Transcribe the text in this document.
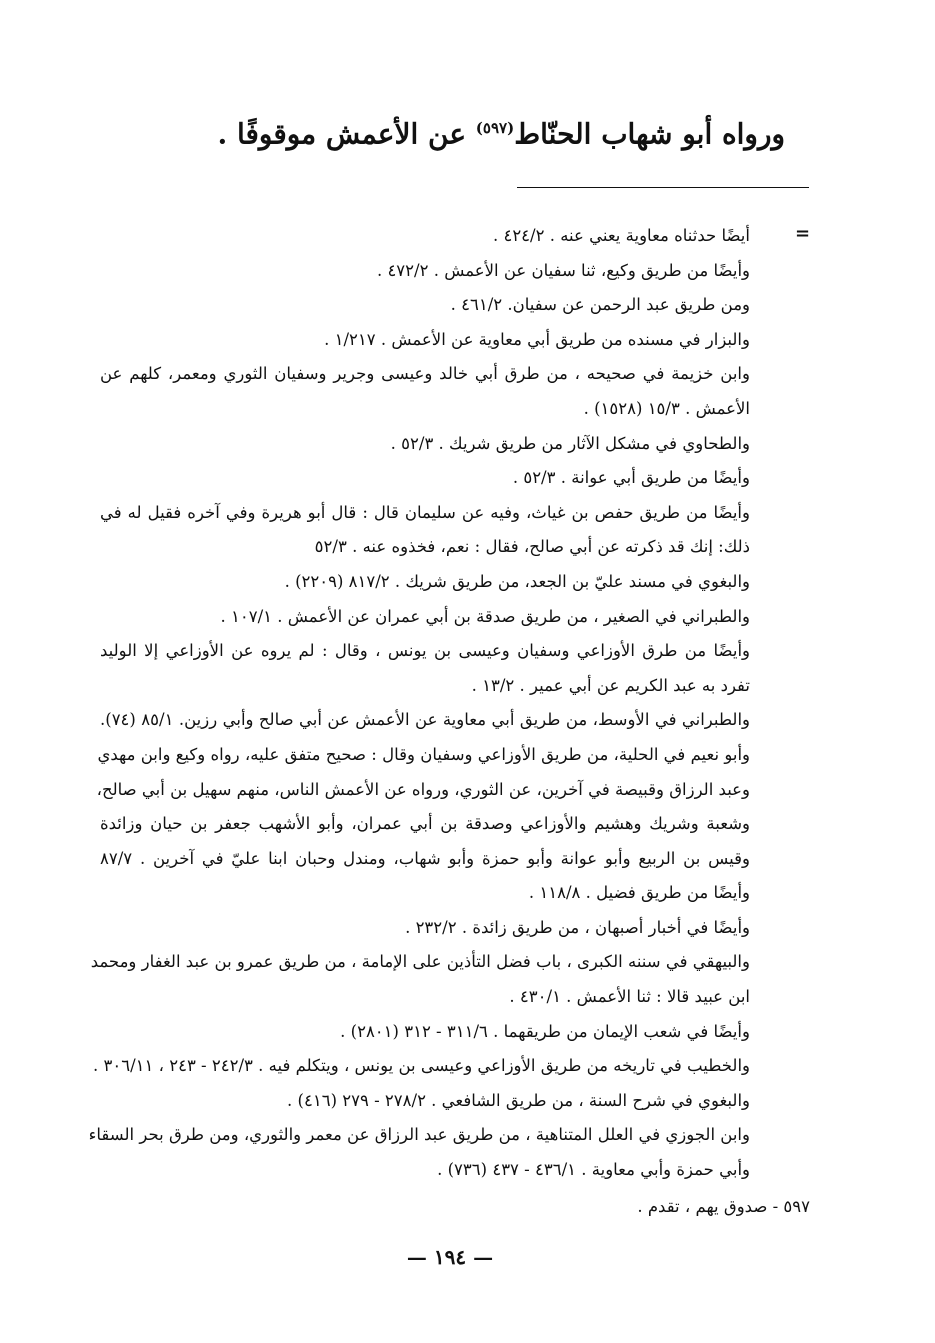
ورواه أبو شهاب الحنّاط$^{(٥٩٧)}$ عن الأعمش موقوفًا .
=
أيضًا حدثناه معاوية يعني عنه . ٤٢٤/٢ .
وأيضًا من طريق وكيع، ثنا سفيان عن الأعمش . ٤٧٢/٢ .
ومن طريق عبد الرحمن عن سفيان. ٤٦١/٢ .
والبزار في مسنده من طريق أبي معاوية عن الأعمش . ١/٢١٧ .
وابن خزيمة في صحيحه ، من طرق أبي خالد وعيسى وجرير وسفيان الثوري ومعمر، كلهم عن
الأعمش . ١٥/٣ (١٥٢٨) .
والطحاوي في مشكل الآثار من طريق شريك . ٥٢/٣ .
وأيضًا من طريق أبي عوانة . ٥٢/٣ .
وأيضًا من طريق حفص بن غياث، وفيه عن سليمان قال : قال أبو هريرة وفي آخره فقيل له في
ذلك: إنك قد ذكرته عن أبي صالح، فقال : نعم، فخذوه عنه . ٥٢/٣
والبغوي في مسند عليّ بن الجعد، من طريق شريك . ٨١٧/٢ (٢٢٠٩) .
والطبراني في الصغير ، من طريق صدقة بن أبي عمران عن الأعمش . ١٠٧/١ .
وأيضًا من طرق الأوزاعي وسفيان وعيسى بن يونس ، وقال : لم يروه عن الأوزاعي إلا الوليد
تفرد به عبد الكريم عن أبي عمير . ١٣/٢ .
والطبراني في الأوسط، من طريق أبي معاوية عن الأعمش عن أبي صالح وأبي رزين. ٨٥/١ (٧٤).
وأبو نعيم في الحلية، من طريق الأوزاعي وسفيان وقال : صحيح متفق عليه، رواه وكيع وابن مهدي
وعبد الرزاق وقبيصة في آخرين، عن الثوري، ورواه عن الأعمش الناس، منهم سهيل بن أبي صالح،
وشعبة وشريك وهشيم والأوزاعي وصدقة بن أبي عمران، وأبو الأشهب جعفر بن حيان وزائدة
وقيس بن الربيع وأبو عوانة وأبو حمزة وأبو شهاب، ومندل وحبان ابنا عليّ في آخرين . ٨٧/٧
وأيضًا من طريق فضيل . ١١٨/٨ .
وأيضًا في أخبار أصبهان ، من طريق زائدة . ٢٣٢/٢ .
والبيهقي في سننه الكبرى ، باب فضل التأذين على الإمامة ، من طريق عمرو بن عبد الغفار ومحمد
ابن عبيد قالا : ثنا الأعمش . ٤٣٠/١ .
وأيضًا في شعب الإيمان من طريقهما . ٣١١/٦ - ٣١٢ (٢٨٠١) .
والخطيب في تاريخه من طريق الأوزاعي وعيسى بن يونس ، ويتكلم فيه . ٢٤٢/٣ - ٢٤٣ ، ٣٠٦/١١ .
والبغوي في شرح السنة ، من طريق الشافعي . ٢٧٨/٢ - ٢٧٩ (٤١٦) .
وابن الجوزي في العلل المتناهية ، من طريق عبد الرزاق عن معمر والثوري، ومن طرق بحر السقاء
وأبي حمزة وأبي معاوية . ٤٣٦/١ - ٤٣٧ (٧٣٦) .
٥٩٧ - صدوق يهم ، تقدم .
— ١٩٤ —
